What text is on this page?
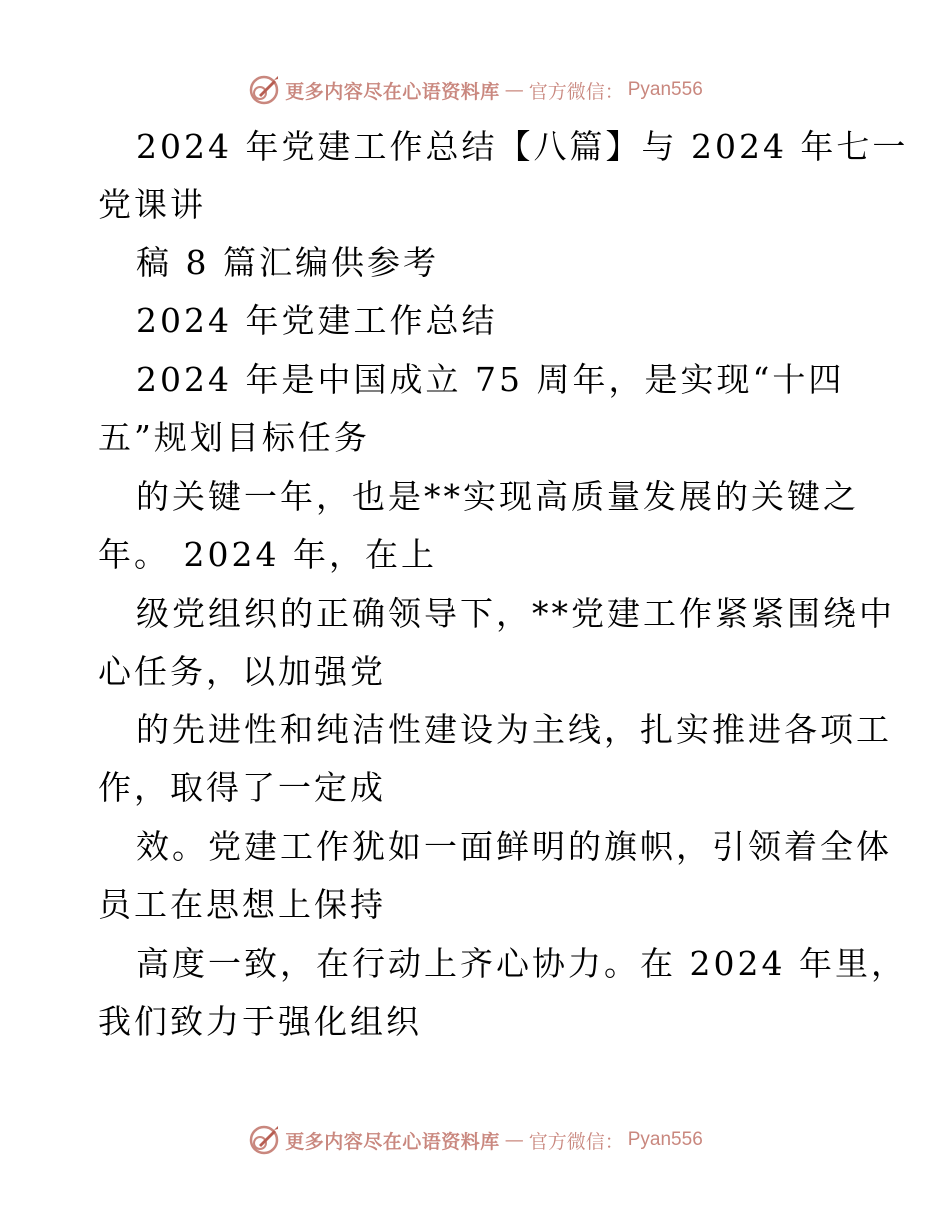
更多内容尽在心语资料库 — 官方微信： Pyan556
2024 年党建工作总结【八篇】与 2024 年七一
党课讲
稿 8 篇汇编供参考
2024 年党建工作总结
2024 年是中国成立 75 周年，是实现“十四
五”规划目标任务
的关键一年，也是**实现高质量发展的关键之
年。 2024 年，在上
级党组织的正确领导下，**党建工作紧紧围绕中
心任务，以加强党
的先进性和纯洁性建设为主线，扎实推进各项工
作，取得了一定成
效。党建工作犹如一面鲜明的旗帜，引领着全体
员工在思想上保持
高度一致，在行动上齐心协力。在 2024 年里，
我们致力于强化组织
更多内容尽在心语资料库 — 官方微信： Pyan556
